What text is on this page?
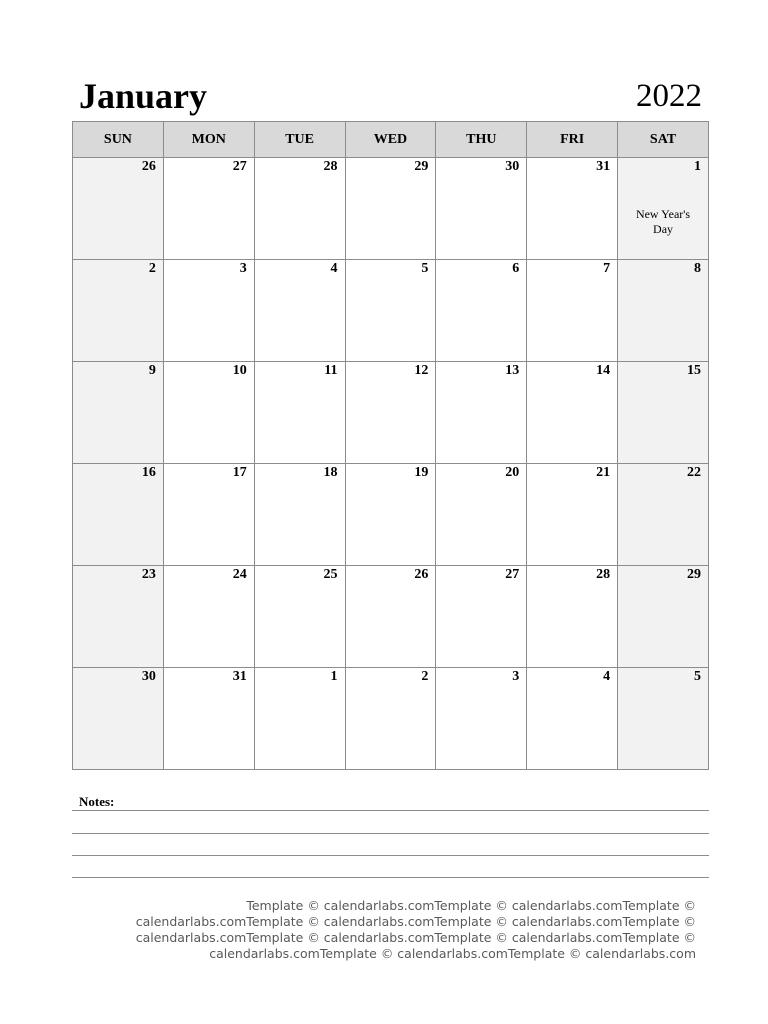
January	2022
SUN	MON	TUE	WED	THU	FRI	SAT

26	27	28	29	30	31	1
New Year's Day

2	3	4	5	6	7	8

9	10	11	12	13	14	15

16	17	18	19	20	21	22

23	24	25	26	27	28	29

30	31	1	2	3	4	5
Notes:
Template © calendarlabs.comTemplate © calendarlabs.comTemplate © calendarlabs.comTemplate © calendarlabs.comTemplate © calendarlabs.comTemplate © calendarlabs.comTemplate © calendarlabs.comTemplate © calendarlabs.comTemplate © calendarlabs.comTemplate © calendarlabs.comTemplate © calendarlabs.com
